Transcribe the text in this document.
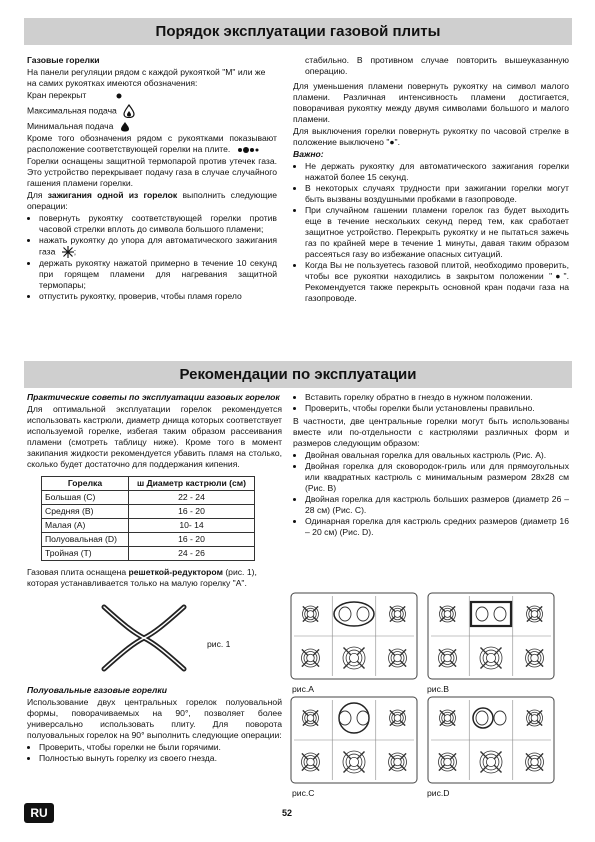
Порядок эксплуатации газовой плиты

Газовые горелки

На панели регуляции рядом с каждой рукояткой "М" или же на самих рукоятках имеются обозначения:

Кран перекрыт

Максимальная подача

Минимальная подача

Кроме того обозначения рядом с рукоятками показывают расположение соответствующей горелки на плите.

Горелки оснащены защитной термопарой против утечек газа. Это устройство перекрывает подачу газа в случае случайного гашения пламени горелки.

Для зажигания одной из горелок выполнить следующие операции:

• повернуть рукоятку соответствующей горелки против часовой стрелки вплоть до символа большого пламени;
• нажать рукоятку до упора для автоматического зажигания газа ;
• держать рукоятку нажатой примерно в течение 10 секунд при горящем пламени для нагревания защитной термопары;
• отпустить рукоятку, проверив, чтобы пламя горело

стабильно. В противном случае повторить вышеуказанную операцию.

Для уменьшения пламени повернуть рукоятку на символ малого пламени. Различная интенсивность пламени достигается, поворачивая рукоятку между двумя символами большого и малого пламени.

Для выключения горелки повернуть рукоятку по часовой стрелке в положение выключено "●".

Важно:

• Не держать рукоятку для автоматического зажигания горелки нажатой более 15 секунд.
• В некоторых случаях трудности при зажигании горелки могут быть вызваны воздушными пробками в газопроводе.
• При случайном гашении пламени горелок газ будет выходить еще в течение нескольких секунд перед тем, как сработает защитное устройство. Перекрыть рукоятку и не пытаться зажечь газ по крайней мере в течение 1 минуты, давая таким образом рассеяться газу во избежание опасных ситуаций.
• Когда Вы не пользуетесь газовой плитой, необходимо проверить, чтобы все рукоятки находились в закрытом положении "●". Рекомендуется также перекрыть основной кран подачи газа на газопроводе.
Рекомендации по эксплуатации

Практические советы по эксплуатации газовых горелок

Для оптимальной эксплуатации горелок рекомендуется использовать кастрюли, диаметр днища которых соответствует используемой горелке, избегая таким образом рассеивания пламени (смотреть таблицу ниже). Кроме того в момент закипания жидкости рекомендуется убавить пламя на столько, сколько будет достаточно для поддержания кипения.

Горелка	ш Диаметр кастрюли (см)
Большая (С)	22 - 24
Средняя (В)	16 - 20
Малая (А)	10- 14
Полуовальная (D)	16 - 20
Тройная (Т)	24 - 26

Газовая плита оснащена решеткой-редуктором (рис. 1), которая устанавливается только на малую горелку "А".

рис. 1

Полуовальные газовые горелки

Использование двух центральных горелок полуовальной формы, поворачиваемых на 90°, позволяет более универсально использовать плиту. Для поворота полуовальных горелок на 90° выполнить следующие операции:

• Проверить, чтобы горелки не были горячими.
• Полностью вынуть горелку из своего гнезда.
• Вставить горелку обратно в гнездо в нужном положении.
• Проверить, чтобы горелки были установлены правильно.

В частности, две центральные горелки могут быть использованы вместе или по-отдельности с кастрюлями различных форм и размеров следующим образом:

• Двойная овальная горелка для овальных кастрюль (Рис. А).
• Двойная горелка для сковородок-гриль или для прямоугольных или квадратных кастрюль с минимальным размером 28x28 см (Рис. В)
• Двойная горелка для кастрюль больших размеров (диаметр 26 – 28 см) (Рис. С).
• Одинарная горелка для кастрюль средних размеров (диаметр 16 – 20 см) (Рис. D).
рис.A	рис.B
рис.C	рис.D
RU	52
